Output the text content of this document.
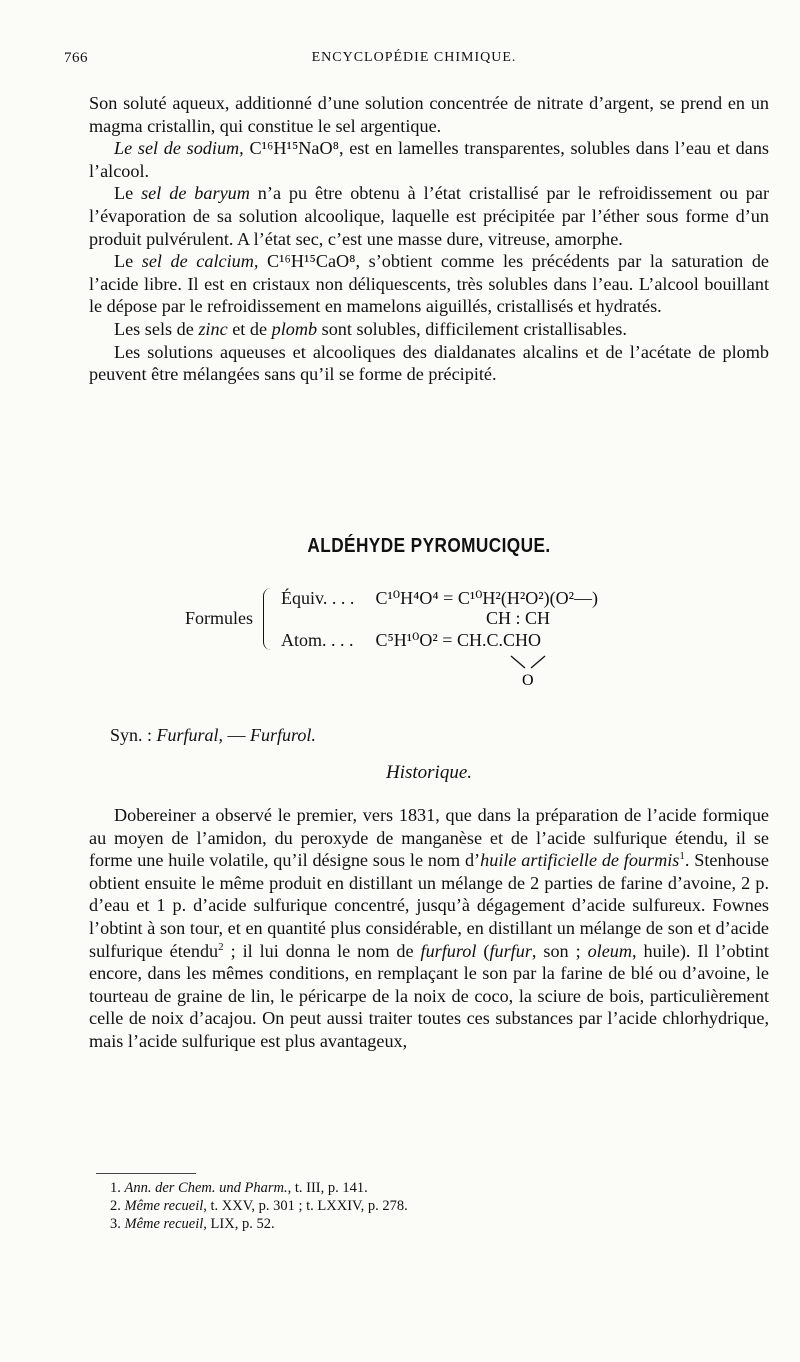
766	ENCYCLOPÉDIE CHIMIQUE.

Son soluté aqueux, additionné d’une solution concentrée de nitrate d’argent, se prend en un magma cristallin, qui constitue le sel argentique.

Le sel de sodium, C¹⁶H¹⁵NaO⁸, est en lamelles transparentes, solubles dans l’eau et dans l’alcool.

Le sel de baryum n’a pu être obtenu à l’état cristallisé par le refroidissement ou par l’évaporation de sa solution alcoolique, laquelle est précipitée par l’éther sous forme d’un produit pulvérulent. A l’état sec, c’est une masse dure, vitreuse, amorphe.

Le sel de calcium, C¹⁶H¹⁵CaO⁸, s’obtient comme les précédents par la saturation de l’acide libre. Il est en cristaux non déliquescents, très solubles dans l’eau. L’alcool bouillant le dépose par le refroidissement en mamelons aiguillés, cristallisés et hydratés.

Les sels de zinc et de plomb sont solubles, difficilement cristallisables.

Les solutions aqueuses et alcooliques des dialdanates alcalins et de l’acétate de plomb peuvent être mélangées sans qu’il se forme de précipité.

ALDÉHYDE PYROMUCIQUE.
Formules
Équiv. . . . C¹⁰H⁴O⁴ = C¹⁰H²(H²O²)(O²—)
CH : CH
Atom. . . . C⁵H¹⁰O² = CH.C.CHO
O
Syn. : Furfural, — Furfurol.
Historique.

Dobereiner a observé le premier, vers 1831, que dans la préparation de l’acide formique au moyen de l’amidon, du peroxyde de manganèse et de l’acide sulfurique étendu, il se forme une huile volatile, qu’il désigne sous le nom d’huile artificielle de fourmis$^1$. Stenhouse obtient ensuite le même produit en distillant un mélange de 2 parties de farine d’avoine, 2 p. d’eau et 1 p. d’acide sulfurique concentré, jusqu’à dégagement d’acide sulfureux. Fownes l’obtint à son tour, et en quantité plus considérable, en distillant un mélange de son et d’acide sulfurique étendu$^2$ ; il lui donna le nom de furfurol (furfur, son ; oleum, huile). Il l’obtint encore, dans les mêmes conditions, en remplaçant le son par la farine de blé ou d’avoine, le tourteau de graine de lin, le péricarpe de la noix de coco, la sciure de bois, particulièrement celle de noix d’acajou. On peut aussi traiter toutes ces substances par l’acide chlorhydrique, mais l’acide sulfurique est plus avantageux,

1. Ann. der Chem. und Pharm., t. III, p. 141.
2. Même recueil, t. XXV, p. 301 ; t. LXXIV, p. 278.
3. Même recueil, LIX, p. 52.
